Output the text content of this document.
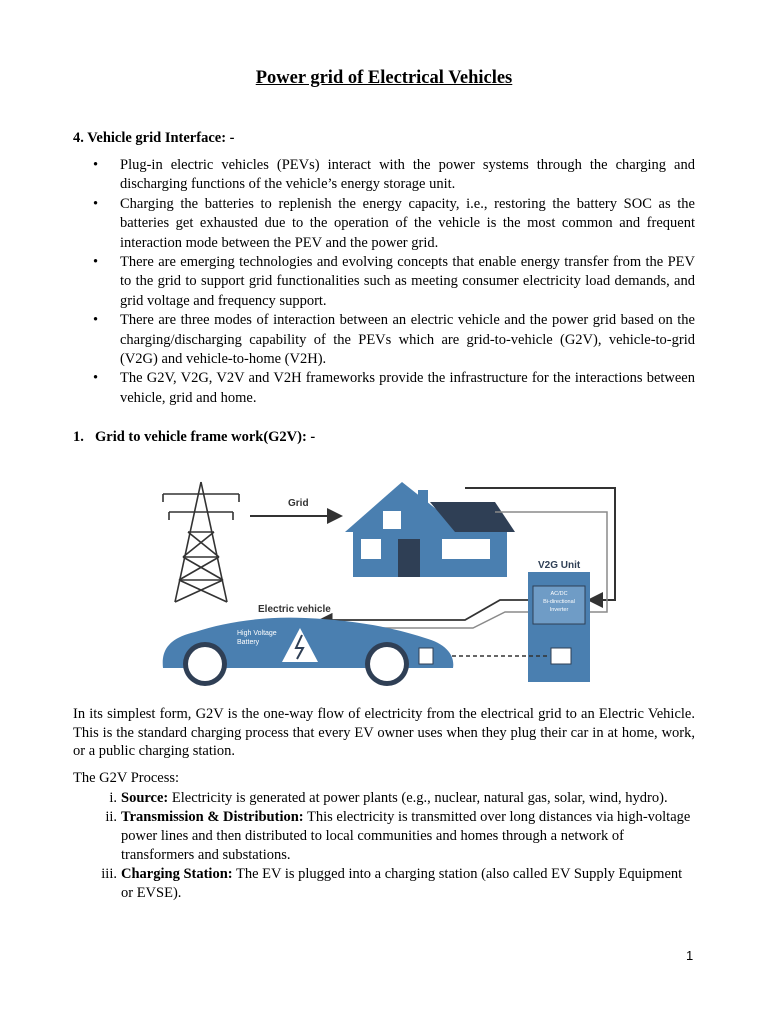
Power grid of Electrical Vehicles
4. Vehicle grid Interface: -
• Plug-in electric vehicles (PEVs) interact with the power systems through the charging and discharging functions of the vehicle’s energy storage unit.
• Charging the batteries to replenish the energy capacity, i.e., restoring the battery SOC as the batteries get exhausted due to the operation of the vehicle is the most common and frequent interaction mode between the PEV and the power grid.
• There are emerging technologies and evolving concepts that enable energy transfer from the PEV to the grid to support grid functionalities such as meeting consumer electricity load demands, and grid voltage and frequency support.
• There are three modes of interaction between an electric vehicle and the power grid based on the charging/discharging capability of the PEVs which are grid-to-vehicle (G2V), vehicle-to-grid (V2G) and vehicle-to-home (V2H).
• The G2V, V2G, V2V and V2H frameworks provide the infrastructure for the interactions between vehicle, grid and home.
1. Grid to vehicle frame work(G2V): -
Grid
V2G Unit
AC/DC
Bi-directional
Inverter
Electric vehicle
High Voltage
Battery

In its simplest form, G2V is the one-way flow of electricity from the electrical grid to an Electric Vehicle. This is the standard charging process that every EV owner uses when they plug their car in at home, work, or a public charging station.

The G2V Process:
i. Source: Electricity is generated at power plants (e.g., nuclear, natural gas, solar, wind, hydro).
ii. Transmission & Distribution: This electricity is transmitted over long distances via high-voltage power lines and then distributed to local communities and homes through a network of transformers and substations.
iii. Charging Station: The EV is plugged into a charging station (also called EV Supply Equipment or EVSE).
1
